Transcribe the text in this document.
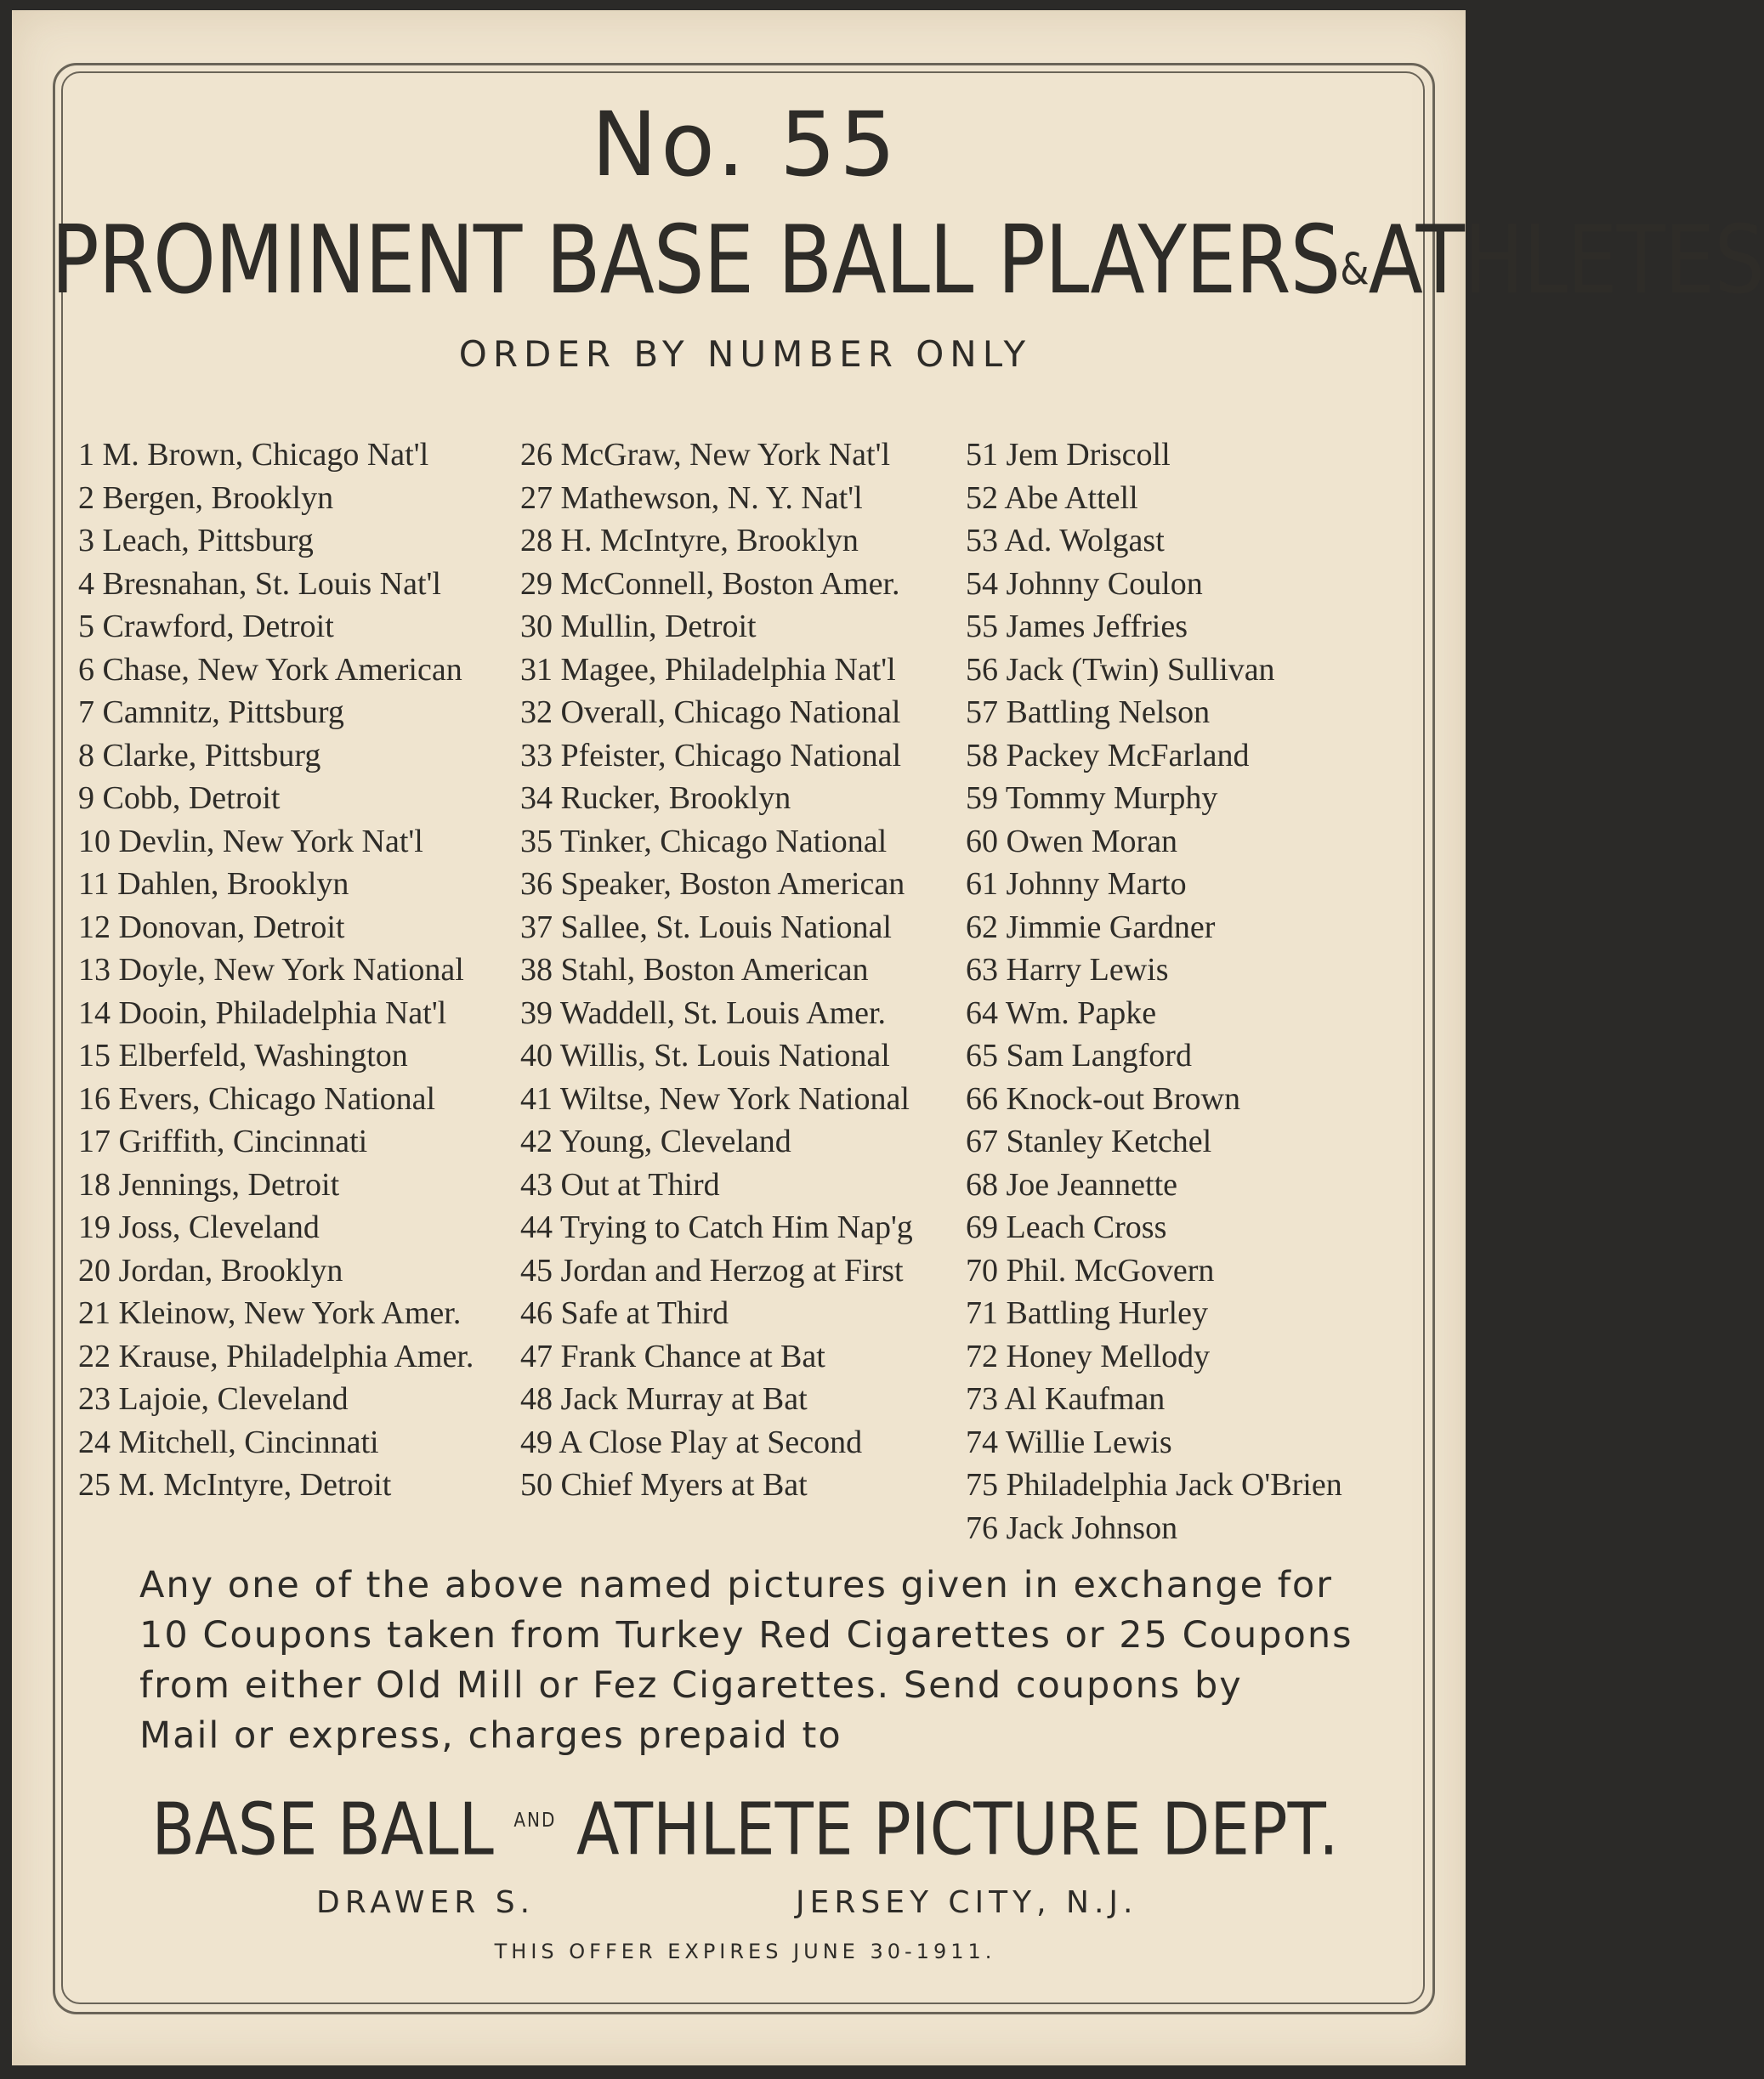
No. 55
PROMINENT BASE BALL PLAYERS&ATHLETES
ORDER BY NUMBER ONLY
1 M. Brown, Chicago Nat'l
2 Bergen, Brooklyn
3 Leach, Pittsburg
4 Bresnahan, St. Louis Nat'l
5 Crawford, Detroit
6 Chase, New York American
7 Camnitz, Pittsburg
8 Clarke, Pittsburg
9 Cobb, Detroit
10 Devlin, New York Nat'l
11 Dahlen, Brooklyn
12 Donovan, Detroit
13 Doyle, New York National
14 Dooin, Philadelphia Nat'l
15 Elberfeld, Washington
16 Evers, Chicago National
17 Griffith, Cincinnati
18 Jennings, Detroit
19 Joss, Cleveland
20 Jordan, Brooklyn
21 Kleinow, New York Amer.
22 Krause, Philadelphia Amer.
23 Lajoie, Cleveland
24 Mitchell, Cincinnati
25 M. McIntyre, Detroit
26 McGraw, New York Nat'l
27 Mathewson, N. Y. Nat'l
28 H. McIntyre, Brooklyn
29 McConnell, Boston Amer.
30 Mullin, Detroit
31 Magee, Philadelphia Nat'l
32 Overall, Chicago National
33 Pfeister, Chicago National
34 Rucker, Brooklyn
35 Tinker, Chicago National
36 Speaker, Boston American
37 Sallee, St. Louis National
38 Stahl, Boston American
39 Waddell, St. Louis Amer.
40 Willis, St. Louis National
41 Wiltse, New York National
42 Young, Cleveland
43 Out at Third
44 Trying to Catch Him Nap'g
45 Jordan and Herzog at First
46 Safe at Third
47 Frank Chance at Bat
48 Jack Murray at Bat
49 A Close Play at Second
50 Chief Myers at Bat
51 Jem Driscoll
52 Abe Attell
53 Ad. Wolgast
54 Johnny Coulon
55 James Jeffries
56 Jack (Twin) Sullivan
57 Battling Nelson
58 Packey McFarland
59 Tommy Murphy
60 Owen Moran
61 Johnny Marto
62 Jimmie Gardner
63 Harry Lewis
64 Wm. Papke
65 Sam Langford
66 Knock-out Brown
67 Stanley Ketchel
68 Joe Jeannette
69 Leach Cross
70 Phil. McGovern
71 Battling Hurley
72 Honey Mellody
73 Al Kaufman
74 Willie Lewis
75 Philadelphia Jack O'Brien
76 Jack Johnson
Any one of the above named pictures given in exchange for
10 Coupons taken from Turkey Red Cigarettes or 25 Coupons
from either Old Mill or Fez Cigarettes. Send coupons by
Mail or express, charges prepaid to
BASE BALL $^{AND}$ ATHLETE PICTURE DEPT.
DRAWER S.	JERSEY CITY, N.J.
THIS OFFER EXPIRES JUNE 30-1911.
